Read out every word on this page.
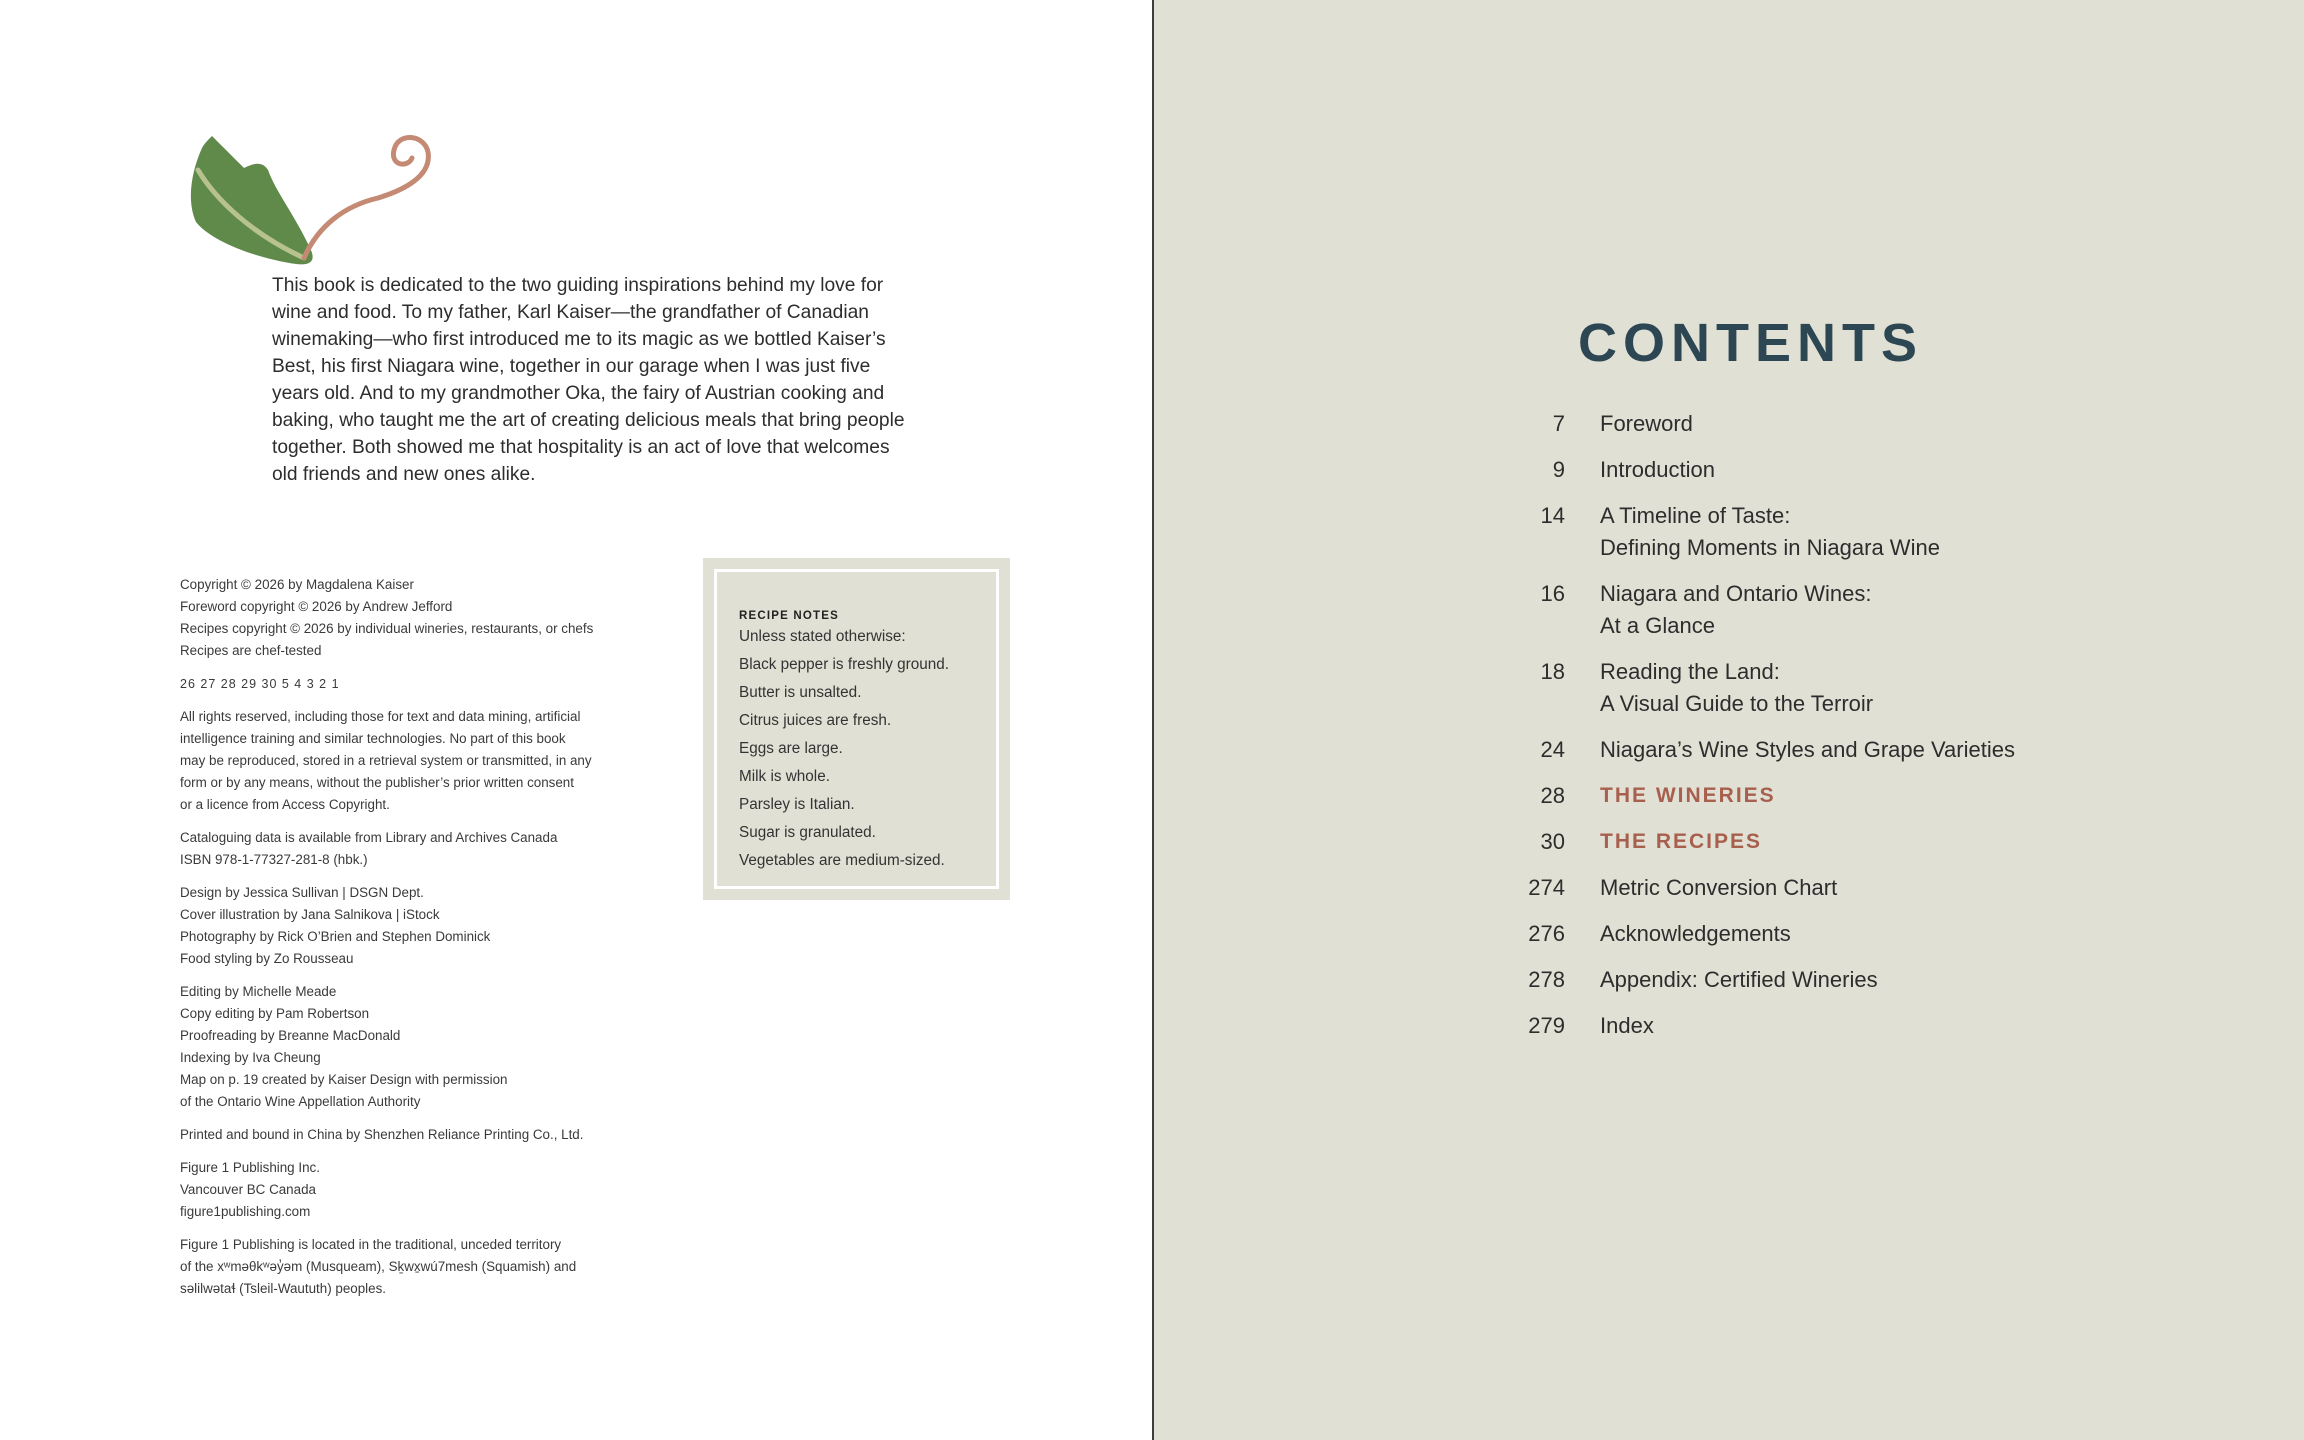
This book is dedicated to the two guiding inspirations behind my love for wine and food. To my father, Karl Kaiser—the grandfather of Canadian winemaking—who first introduced me to its magic as we bottled Kaiser’s Best, his first Niagara wine, together in our garage when I was just five years old. And to my grandmother Oka, the fairy of Austrian cooking and baking, who taught me the art of creating delicious meals that bring people together. Both showed me that hospitality is an act of love that welcomes old friends and new ones alike.

Copyright © 2026 by Magdalena Kaiser
Foreword copyright © 2026 by Andrew Jefford
Recipes copyright © 2026 by individual wineries, restaurants, or chefs
Recipes are chef-tested
26 27 28 29 30 5 4 3 2 1
All rights reserved, including those for text and data mining, artificial
intelligence training and similar technologies. No part of this book
may be reproduced, stored in a retrieval system or transmitted, in any
form or by any means, without the publisher’s prior written consent
or a licence from Access Copyright.
Cataloguing data is available from Library and Archives Canada
ISBN 978-1-77327-281-8 (hbk.)
Design by Jessica Sullivan | DSGN Dept.
Cover illustration by Jana Salnikova | iStock
Photography by Rick O’Brien and Stephen Dominick
Food styling by Zo Rousseau
Editing by Michelle Meade
Copy editing by Pam Robertson
Proofreading by Breanne MacDonald
Indexing by Iva Cheung
Map on p. 19 created by Kaiser Design with permission
of the Ontario Wine Appellation Authority
Printed and bound in China by Shenzhen Reliance Printing Co., Ltd.
Figure 1 Publishing Inc.
Vancouver BC Canada
figure1publishing.com
Figure 1 Publishing is located in the traditional, unceded territory
of the xʷməθkʷəy̓əm (Musqueam), Sḵwx̱wú7mesh (Squamish) and
səlilwətaɬ (Tsleil-Waututh) peoples.
RECIPE NOTES
Unless stated otherwise:
Black pepper is freshly ground.
Butter is unsalted.
Citrus juices are fresh.
Eggs are large.
Milk is whole.
Parsley is Italian.
Sugar is granulated.
Vegetables are medium-sized.
CONTENTS
7 Foreword
9 Introduction
14 A Timeline of Taste:
Defining Moments in Niagara Wine
16 Niagara and Ontario Wines:
At a Glance
18 Reading the Land:
A Visual Guide to the Terroir
24 Niagara’s Wine Styles and Grape Varieties
28 THE WINERIES
30 THE RECIPES
274 Metric Conversion Chart
276 Acknowledgements
278 Appendix: Certified Wineries
279 Index
